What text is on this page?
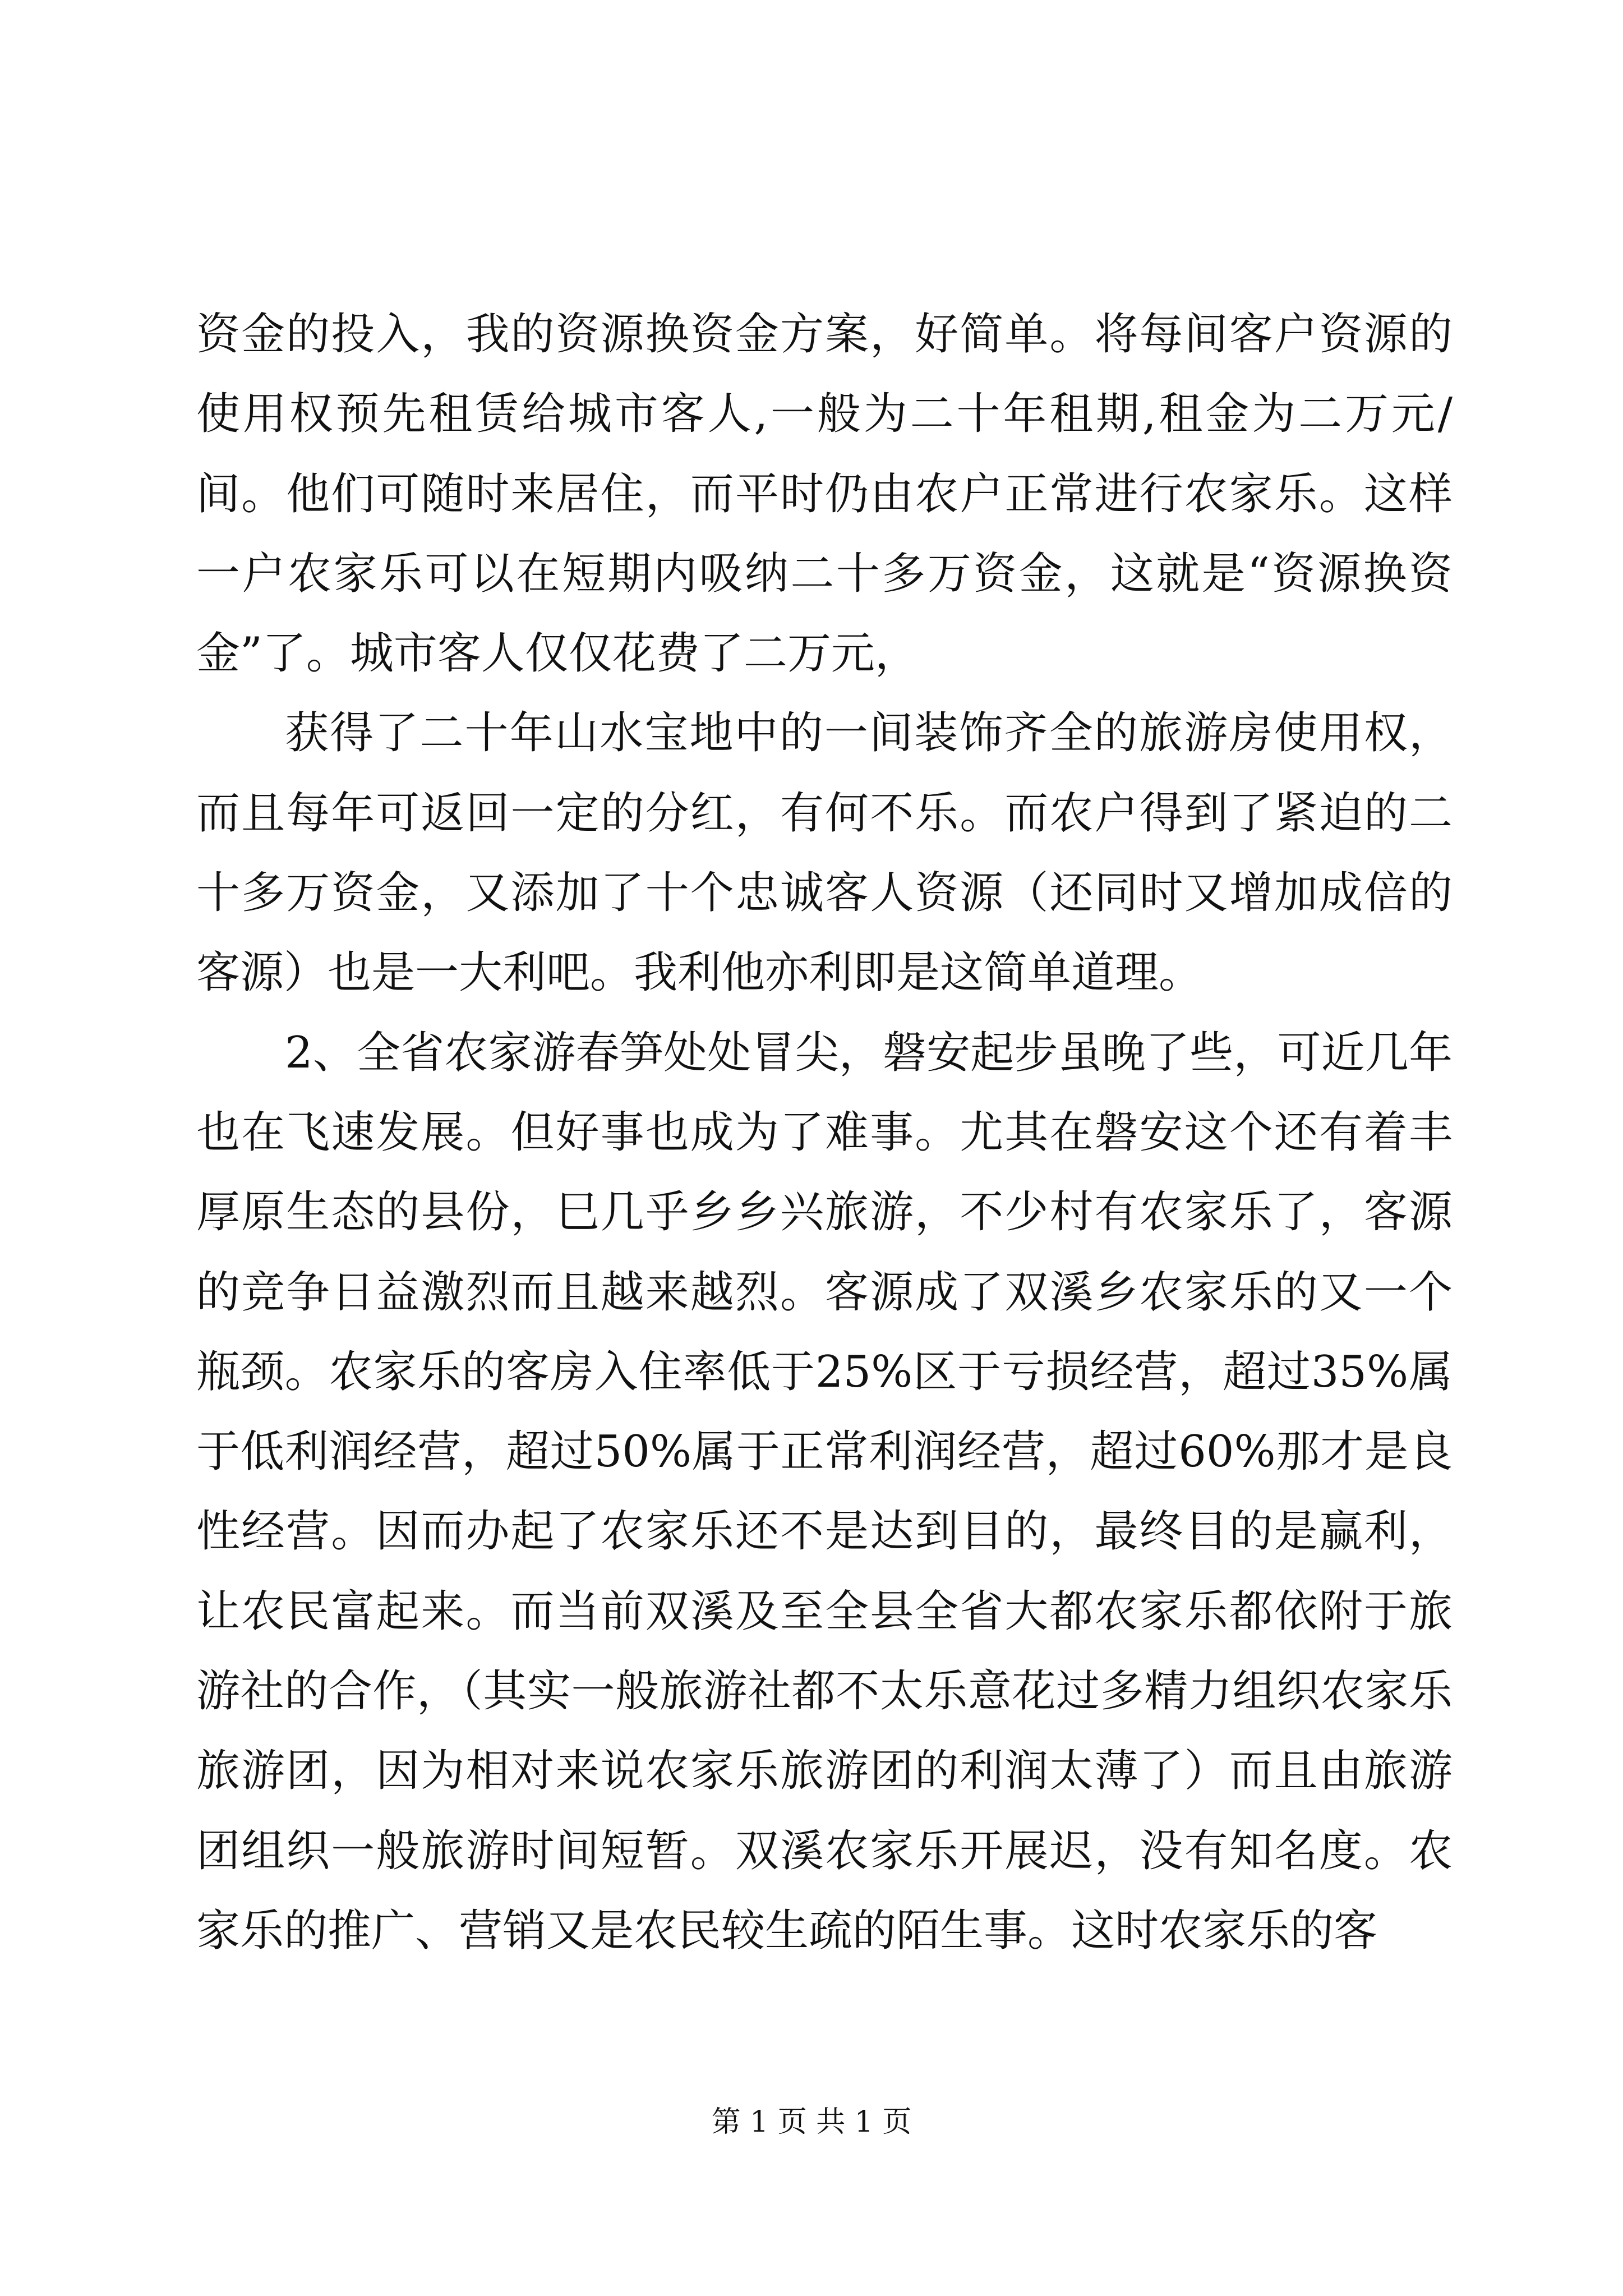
资金的投入，我的资源换资金方案，好简单。将每间客户资源的使用权预先租赁给城市客人,一般为二十年租期,租金为二万元/间。他们可随时来居住，而平时仍由农户正常进行农家乐。这样一户农家乐可以在短期内吸纳二十多万资金，这就是“资源换资金”了。城市客人仅仅花费了二万元，

获得了二十年山水宝地中的一间装饰齐全的旅游房使用权，而且每年可返回一定的分红，有何不乐。而农户得到了紧迫的二十多万资金，又添加了十个忠诚客人资源（还同时又增加成倍的客源）也是一大利吧。我利他亦利即是这简单道理。

2、全省农家游春笋处处冒尖，磐安起步虽晚了些，可近几年也在飞速发展。但好事也成为了难事。尤其在磐安这个还有着丰厚原生态的县份，巳几乎乡乡兴旅游，不少村有农家乐了，客源的竞争日益激烈而且越来越烈。客源成了双溪乡农家乐的又一个瓶颈。农家乐的客房入住率低于25%区于亏损经营，超过35%属于低利润经营，超过50%属于正常利润经营，超过60%那才是良性经营。因而办起了农家乐还不是达到目的，最终目的是赢利，让农民富起来。而当前双溪及至全县全省大都农家乐都依附于旅游社的合作，（其实一般旅游社都不太乐意花过多精力组织农家乐旅游团，因为相对来说农家乐旅游团的利润太薄了）而且由旅游团组织一般旅游时间短暂。双溪农家乐开展迟，没有知名度。农家乐的推广、营销又是农民较生疏的陌生事。这时农家乐的客

第 1 页 共 1 页
